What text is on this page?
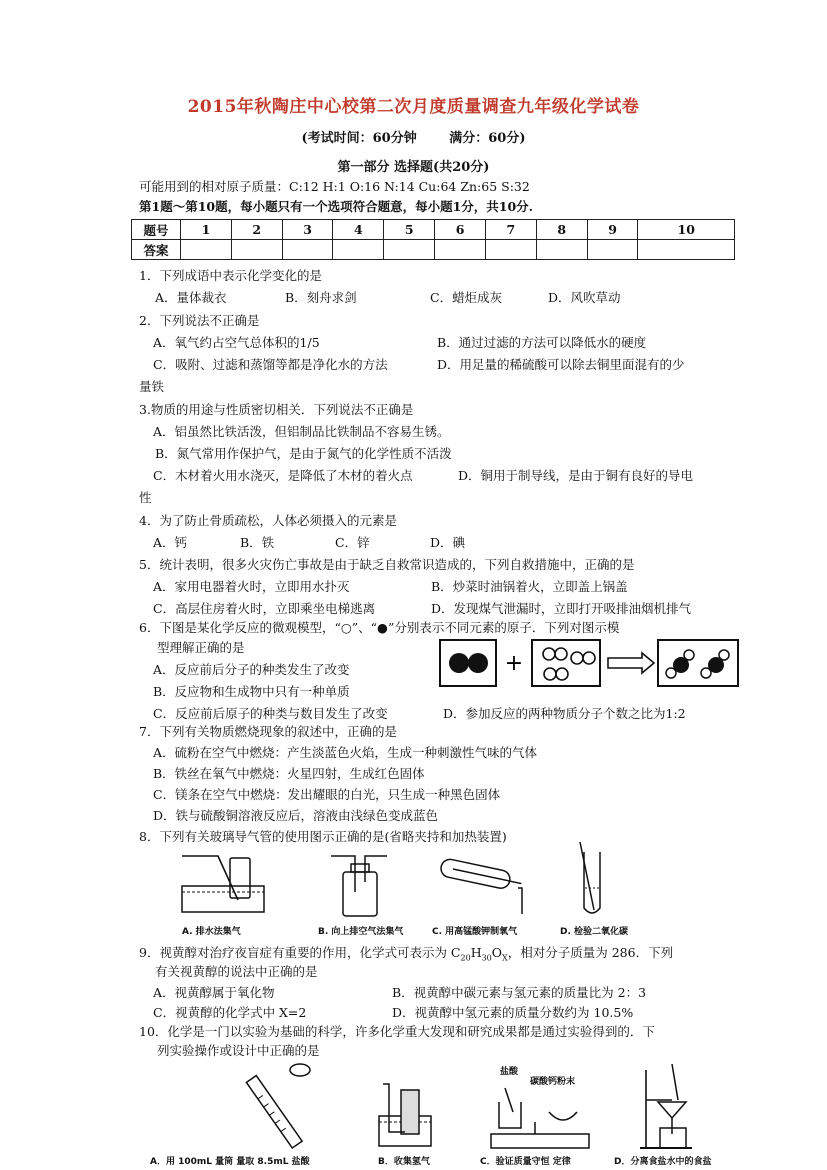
2015年秋陶庄中心校第二次月度质量调查九年级化学试卷
(考试时间：60分钟	满分：60分)
第一部分 选择题(共20分)
可能用到的相对原子质量：C:12 H:1 O:16 N:14 Cu:64 Zn:65 S:32
第1题～第10题，每小题只有一个选项符合题意，每小题1分，共10分.
题号	1	2	3	4	5	6	7	8	9	10
答案										
1．下列成语中表示化学变化的是
A．量体裁衣	B．刻舟求剑	C．蜡炬成灰	D．风吹草动
2．下列说法不正确是
A．氧气约占空气总体积的1/5	B．通过过滤的方法可以降低水的硬度
C．吸附、过滤和蒸馏等都是净化水的方法	D．用足量的稀硫酸可以除去铜里面混有的少
量铁
3.物质的用途与性质密切相关．下列说法不正确是
A．铝虽然比铁活泼，但铝制品比铁制品不容易生锈。
B．氮气常用作保护气，是由于氮气的化学性质不活泼
C．木材着火用水浇灭，是降低了木材的着火点	D．铜用于制导线，是由于铜有良好的导电
性
4．为了防止骨质疏松，人体必须摄入的元素是
A．钙	B．铁	C．锌	D．碘
5．统计表明，很多火灾伤亡事故是由于缺乏自救常识造成的，下列自救措施中，正确的是
A．家用电器着火时，立即用水扑灭	B．炒菜时油锅着火，立即盖上锅盖
C．高层住房着火时，立即乘坐电梯逃离	D．发现煤气泄漏时，立即打开吸排油烟机排气
6．下图是某化学反应的微观模型，“○”、“●”分别表示不同元素的原子．下列对图示模
型理解正确的是
A．反应前后分子的种类发生了改变
B．反应物和生成物中只有一种单质
C．反应前后原子的种类与数目发生了改变	D．参加反应的两种物质分子个数之比为1:2
+
7．下列有关物质燃烧现象的叙述中，正确的是
A．硫粉在空气中燃烧：产生淡蓝色火焰，生成一种刺激性气味的气体
B．铁丝在氧气中燃烧：火星四射，生成红色固体
C．镁条在空气中燃烧：发出耀眼的白光，只生成一种黑色固体
D．铁与硫酸铜溶液反应后，溶液由浅绿色变成蓝色
8．下列有关玻璃导气管的使用图示正确的是(省略夹持和加热装置)
A. 排水法集气	B. 向上排空气法集气	C. 用高锰酸钾制氧气	D. 检验二氧化碳
9．视黄醇对治疗夜盲症有重要的作用，化学式可表示为 $C_{20}H_{30}O_X$，相对分子质量为 286．下列
有关视黄醇的说法中正确的是
A．视黄醇属于氧化物	B．视黄醇中碳元素与氢元素的质量比为 2：3
C．视黄醇的化学式中 X=2	D．视黄醇中氢元素的质量分数约为 10.5%
10．化学是一门以实验为基础的科学，许多化学重大发现和研究成果都是通过实验得到的．下
列实验操作或设计中正确的是
A．用 100mL 量筒 量取 8.5mL 盐酸	B．收集氢气
盐酸
碳酸钙粉末
C．验证质量守恒 定律	D．分离食盐水中的食盐
